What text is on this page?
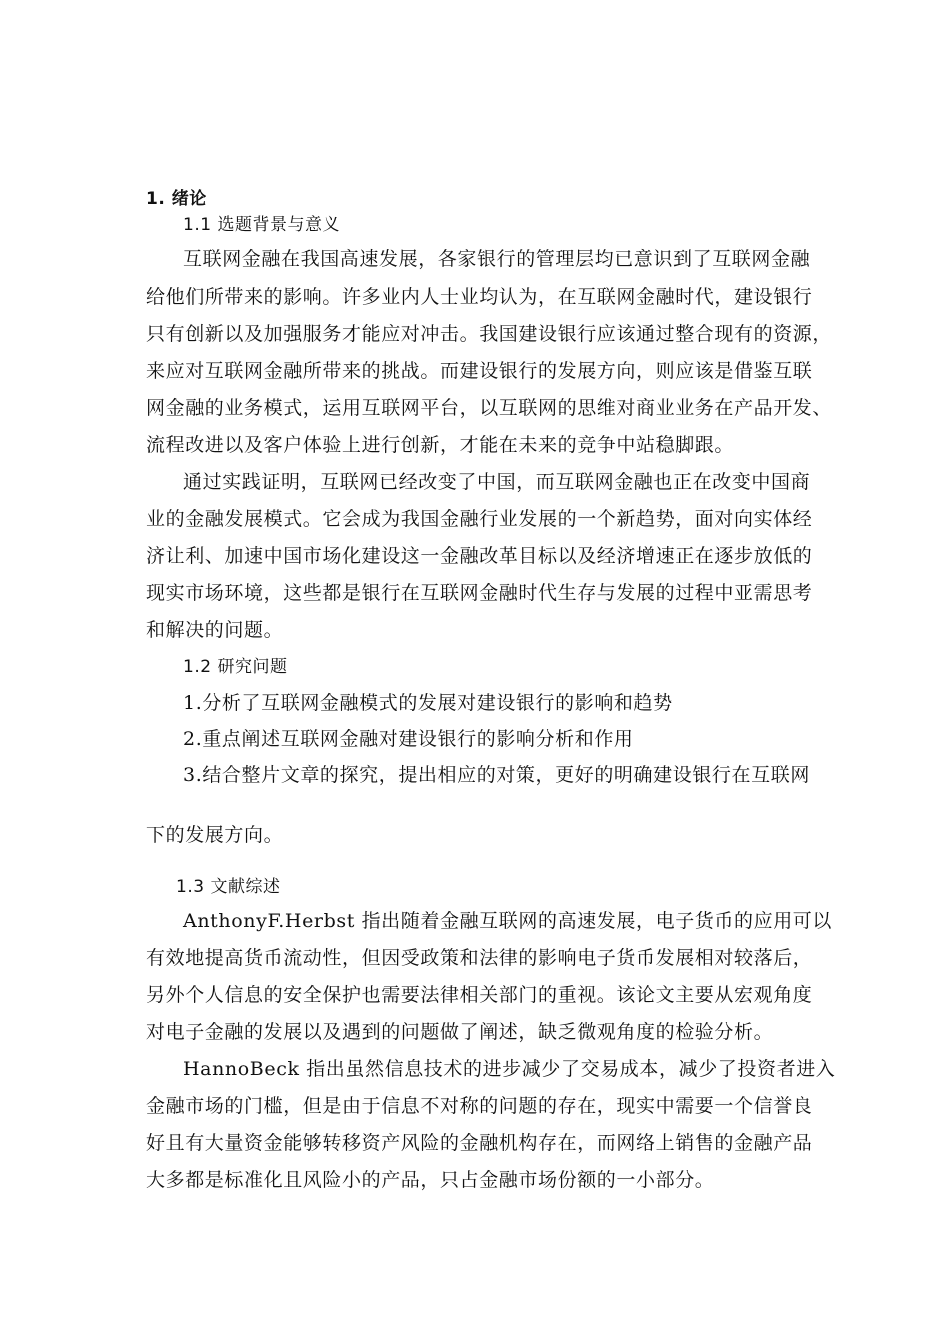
1. 绪论
1.1 选题背景与意义
互联网金融在我国高速发展，各家银行的管理层均已意识到了互联网金融
给他们所带来的影响。许多业内人士业均认为，在互联网金融时代，建设银行
只有创新以及加强服务才能应对冲击。我国建设银行应该通过整合现有的资源，
来应对互联网金融所带来的挑战。而建设银行的发展方向，则应该是借鉴互联
网金融的业务模式，运用互联网平台，以互联网的思维对商业业务在产品开发、
流程改进以及客户体验上进行创新，才能在未来的竞争中站稳脚跟。
通过实践证明，互联网已经改变了中国，而互联网金融也正在改变中国商
业的金融发展模式。它会成为我国金融行业发展的一个新趋势，面对向实体经
济让利、加速中国市场化建设这一金融改革目标以及经济增速正在逐步放低的
现实市场环境，这些都是银行在互联网金融时代生存与发展的过程中亚需思考
和解决的问题。
1.2 研究问题
1.分析了互联网金融模式的发展对建设银行的影响和趋势
2.重点阐述互联网金融对建设银行的影响分析和作用
3.结合整片文章的探究，提出相应的对策，更好的明确建设银行在互联网
下的发展方向。
1.3 文献综述
AnthonyF.Herbst 指出随着金融互联网的高速发展，电子货币的应用可以
有效地提高货币流动性，但因受政策和法律的影响电子货币发展相对较落后，
另外个人信息的安全保护也需要法律相关部门的重视。该论文主要从宏观角度
对电子金融的发展以及遇到的问题做了阐述，缺乏微观角度的检验分析。
HannoBeck 指出虽然信息技术的进步减少了交易成本，减少了投资者进入
金融市场的门槛，但是由于信息不对称的问题的存在，现实中需要一个信誉良
好且有大量资金能够转移资产风险的金融机构存在，而网络上销售的金融产品
大多都是标准化且风险小的产品，只占金融市场份额的一小部分。
